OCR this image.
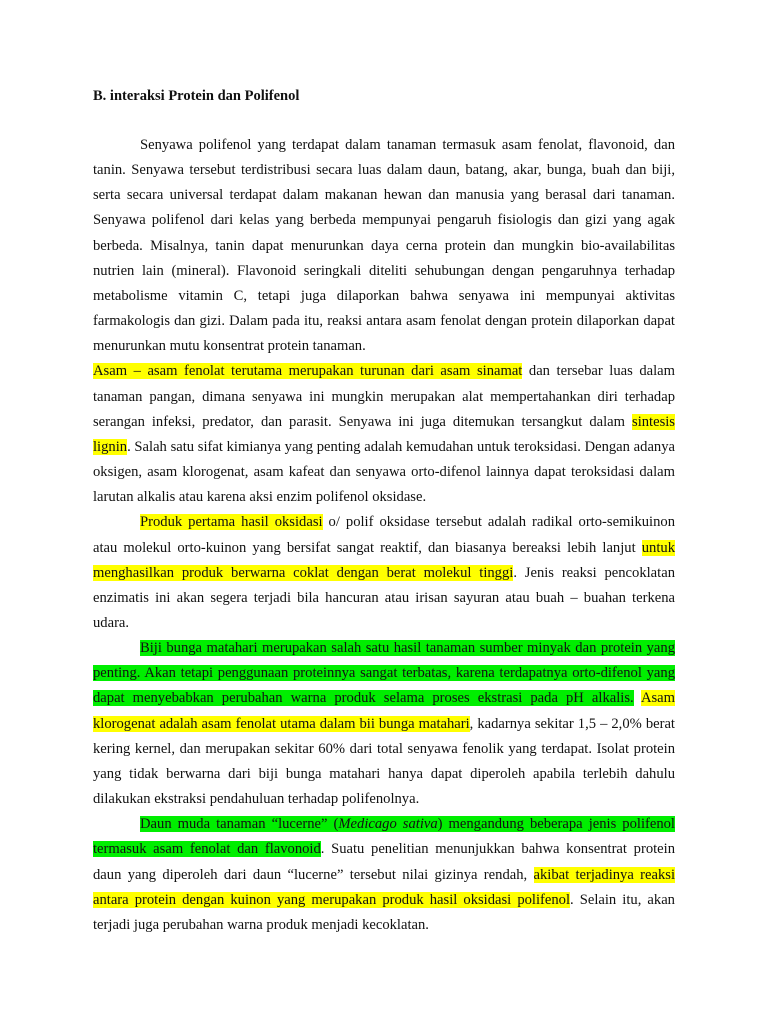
B. interaksi Protein dan Polifenol

Senyawa polifenol yang terdapat dalam tanaman termasuk asam fenolat, flavonoid, dan tanin. Senyawa tersebut terdistribusi secara luas dalam daun, batang, akar, bunga, buah dan biji, serta secara universal terdapat dalam makanan hewan dan manusia yang berasal dari tanaman. Senyawa polifenol dari kelas yang berbeda mempunyai pengaruh fisiologis dan gizi yang agak berbeda. Misalnya, tanin dapat menurunkan daya cerna protein dan mungkin bio-availabilitas nutrien lain (mineral). Flavonoid seringkali diteliti sehubungan dengan pengaruhnya terhadap metabolisme vitamin C, tetapi juga dilaporkan bahwa senyawa ini mempunyai aktivitas farmakologis dan gizi. Dalam pada itu, reaksi antara asam fenolat dengan protein dilaporkan dapat menurunkan mutu konsentrat protein tanaman.

Asam – asam fenolat terutama merupakan turunan dari asam sinamat dan tersebar luas dalam tanaman pangan, dimana senyawa ini mungkin merupakan alat mempertahankan diri terhadap serangan infeksi, predator, dan parasit. Senyawa ini juga ditemukan tersangkut dalam sintesis lignin. Salah satu sifat kimianya yang penting adalah kemudahan untuk teroksidasi. Dengan adanya oksigen, asam klorogenat, asam kafeat dan senyawa orto-difenol lainnya dapat teroksidasi dalam larutan alkalis atau karena aksi enzim polifenol oksidase.

Produk pertama hasil oksidasi o/ polif oksidase tersebut adalah radikal orto-semikuinon atau molekul orto-kuinon yang bersifat sangat reaktif, dan biasanya bereaksi lebih lanjut untuk menghasilkan produk berwarna coklat dengan berat molekul tinggi. Jenis reaksi pencoklatan enzimatis ini akan segera terjadi bila hancuran atau irisan sayuran atau buah – buahan terkena udara.

Biji bunga matahari merupakan salah satu hasil tanaman sumber minyak dan protein yang penting. Akan tetapi penggunaan proteinnya sangat terbatas, karena terdapatnya orto-difenol yang dapat menyebabkan perubahan warna produk selama proses ekstrasi pada pH alkalis. Asam klorogenat adalah asam fenolat utama dalam bii bunga matahari, kadarnya sekitar 1,5 – 2,0% berat kering kernel, dan merupakan sekitar 60% dari total senyawa fenolik yang terdapat. Isolat protein yang tidak berwarna dari biji bunga matahari hanya dapat diperoleh apabila terlebih dahulu dilakukan ekstraksi pendahuluan terhadap polifenolnya.

Daun muda tanaman “lucerne” (Medicago sativa) mengandung beberapa jenis polifenol termasuk asam fenolat dan flavonoid. Suatu penelitian menunjukkan bahwa konsentrat protein daun yang diperoleh dari daun “lucerne” tersebut nilai gizinya rendah, akibat terjadinya reaksi antara protein dengan kuinon yang merupakan produk hasil oksidasi polifenol. Selain itu, akan terjadi juga perubahan warna produk menjadi kecoklatan.
